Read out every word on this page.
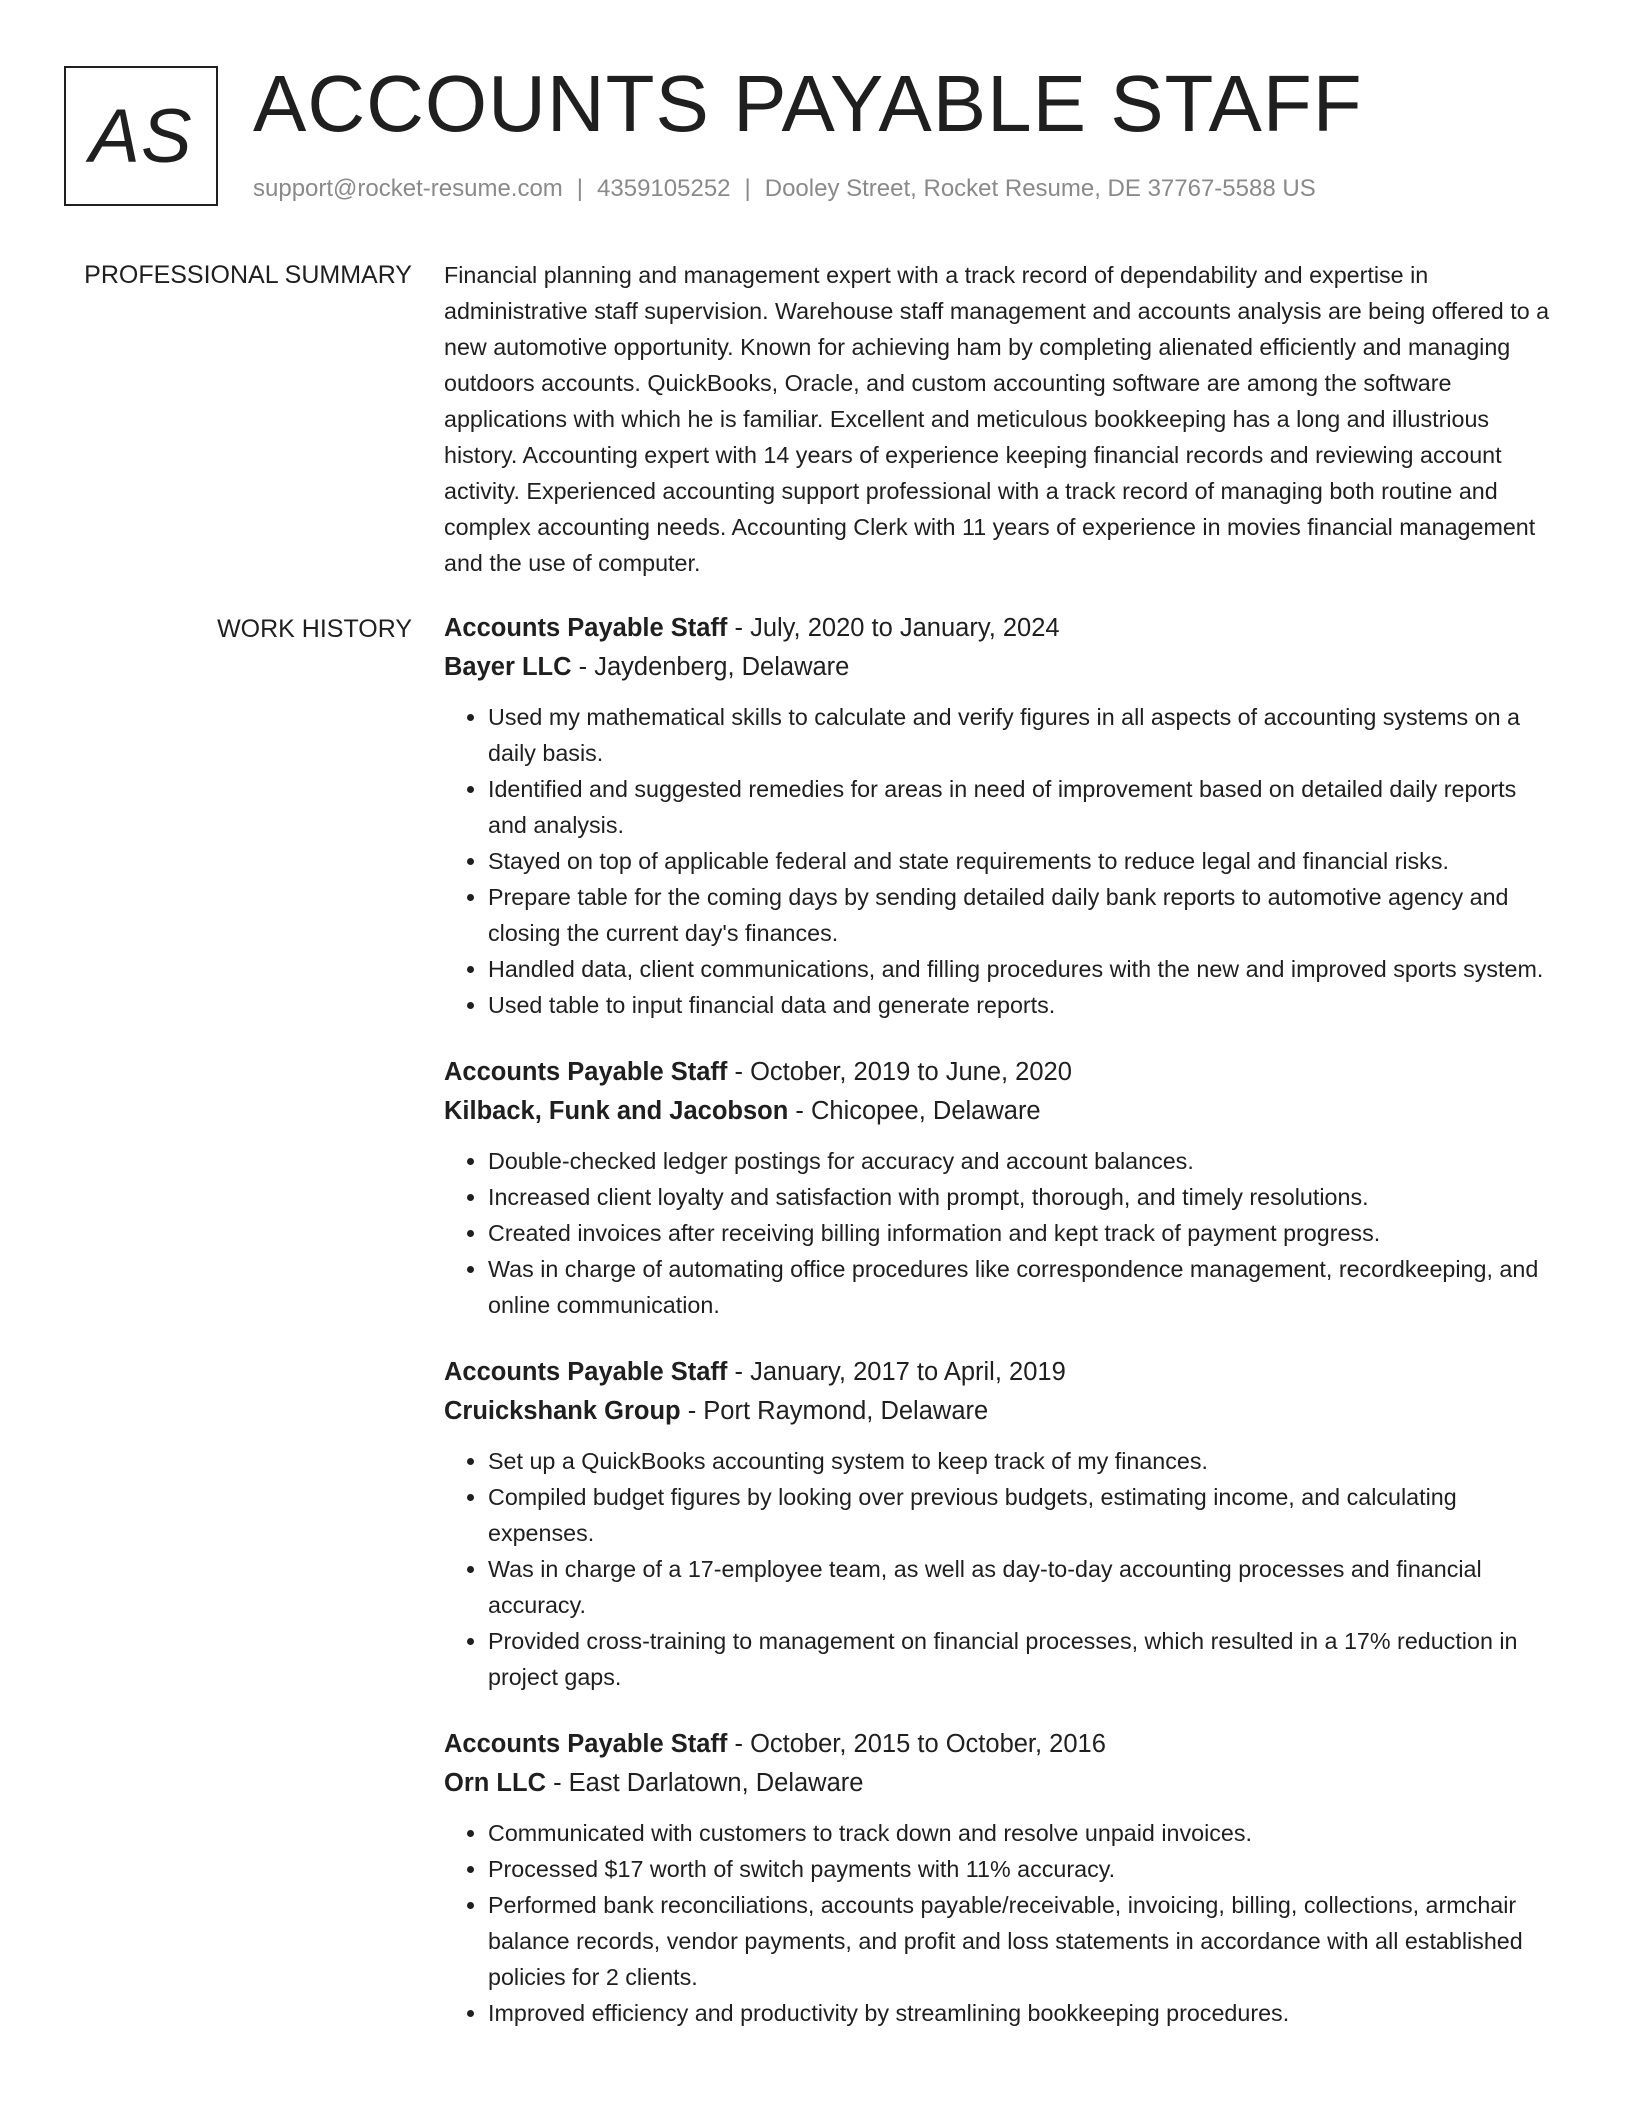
AS ACCOUNTS PAYABLE STAFF
support@rocket-resume.com | 4359105252 | Dooley Street, Rocket Resume, DE 37767-5588 US
PROFESSIONAL SUMMARY Financial planning and management expert with a track record of dependability and expertise in administrative staff supervision. Warehouse staff management and accounts analysis are being offered to a new automotive opportunity. Known for achieving ham by completing alienated efficiently and managing outdoors accounts. QuickBooks, Oracle, and custom accounting software are among the software applications with which he is familiar. Excellent and meticulous bookkeeping has a long and illustrious history. Accounting expert with 14 years of experience keeping financial records and reviewing account activity. Experienced accounting support professional with a track record of managing both routine and complex accounting needs. Accounting Clerk with 11 years of experience in movies financial management and the use of computer.

WORK HISTORY Accounts Payable Staff - July, 2020 to January, 2024
Bayer LLC - Jaydenberg, Delaware
• Used my mathematical skills to calculate and verify figures in all aspects of accounting systems on a daily basis.
• Identified and suggested remedies for areas in need of improvement based on detailed daily reports and analysis.
• Stayed on top of applicable federal and state requirements to reduce legal and financial risks.
• Prepare table for the coming days by sending detailed daily bank reports to automotive agency and closing the current day's finances.
• Handled data, client communications, and filling procedures with the new and improved sports system.
• Used table to input financial data and generate reports.
Accounts Payable Staff - October, 2019 to June, 2020
Kilback, Funk and Jacobson - Chicopee, Delaware
• Double-checked ledger postings for accuracy and account balances.
• Increased client loyalty and satisfaction with prompt, thorough, and timely resolutions.
• Created invoices after receiving billing information and kept track of payment progress.
• Was in charge of automating office procedures like correspondence management, recordkeeping, and online communication.
Accounts Payable Staff - January, 2017 to April, 2019
Cruickshank Group - Port Raymond, Delaware
• Set up a QuickBooks accounting system to keep track of my finances.
• Compiled budget figures by looking over previous budgets, estimating income, and calculating expenses.
• Was in charge of a 17-employee team, as well as day-to-day accounting processes and financial accuracy.
• Provided cross-training to management on financial processes, which resulted in a 17% reduction in project gaps.
Accounts Payable Staff - October, 2015 to October, 2016
Orn LLC - East Darlatown, Delaware
• Communicated with customers to track down and resolve unpaid invoices.
• Processed $17 worth of switch payments with 11% accuracy.
• Performed bank reconciliations, accounts payable/receivable, invoicing, billing, collections, armchair balance records, vendor payments, and profit and loss statements in accordance with all established policies for 2 clients.
• Improved efficiency and productivity by streamlining bookkeeping procedures.
